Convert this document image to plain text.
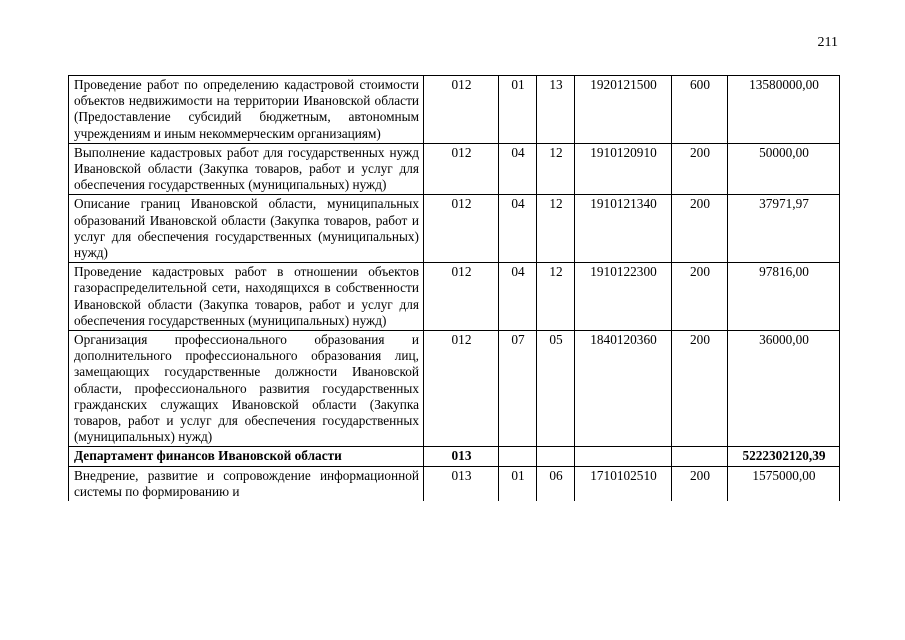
211
Проведение работ по определению кадастровой стоимости объектов недвижимости на территории Ивановской области (Предоставление субсидий бюджетным, автономным учреждениям и иным некоммерческим организациям)	012	01	13	1920121500	600	13580000,00
Выполнение кадастровых работ для государственных нужд Ивановской области (Закупка товаров, работ и услуг для обеспечения государственных (муниципальных) нужд)	012	04	12	1910120910	200	50000,00
Описание границ Ивановской области, муниципальных образований Ивановской области (Закупка товаров, работ и услуг для обеспечения государственных (муниципальных) нужд)	012	04	12	1910121340	200	37971,97
Проведение кадастровых работ в отношении объектов газораспределительной сети, находящихся в собственности Ивановской области (Закупка товаров, работ и услуг для обеспечения государственных (муниципальных) нужд)	012	04	12	1910122300	200	97816,00
Организация профессионального образования и дополнительного профессионального образования лиц, замещающих государственные должности Ивановской области, профессионального развития государственных гражданских служащих Ивановской области (Закупка товаров, работ и услуг для обеспечения государственных (муниципальных) нужд)	012	07	05	1840120360	200	36000,00
Департамент финансов Ивановской области	013					5222302120,39
Внедрение, развитие и сопровождение информационной системы по формированию и	013	01	06	1710102510	200	1575000,00
